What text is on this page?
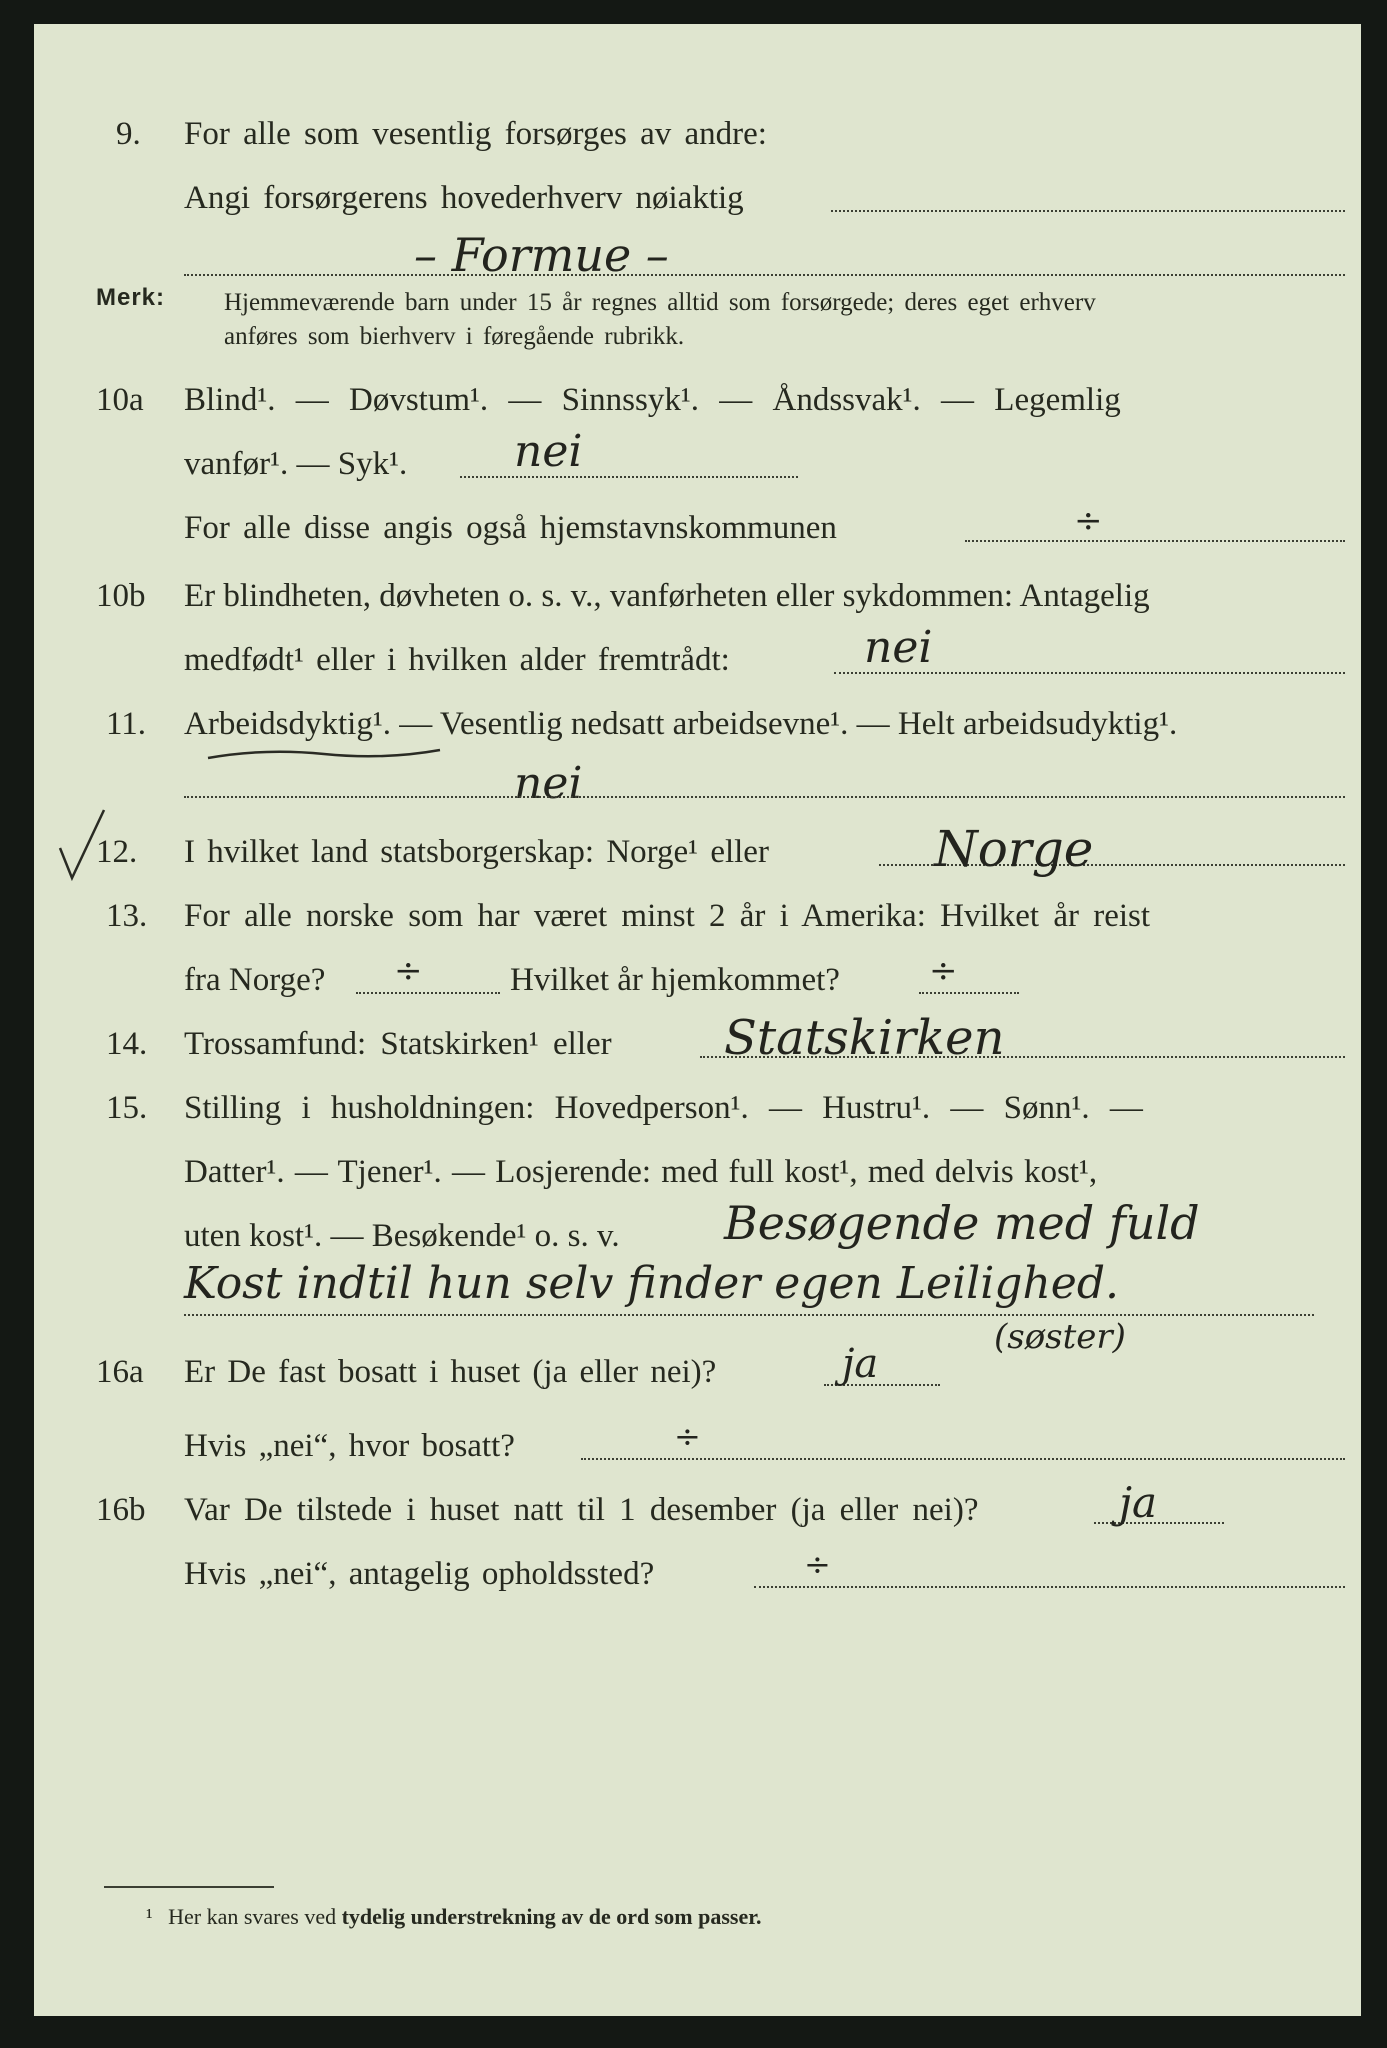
9. For alle som vesentlig forsørges av andre:
Angi forsørgerens hovederhverv nøiaktig
– Formue –
Merk: Hjemmeværende barn under 15 år regnes alltid som forsørgede; deres eget erhverv
anføres som bierhverv i føregående rubrikk.
10a Blind¹. — Døvstum¹. — Sinnssyk¹. — Åndssvak¹. — Legemlig
vanfør¹. — Syk¹. nei
For alle disse angis også hjemstavnskommunen	÷
10b Er blindheten, døvheten o. s. v., vanførheten eller sykdommen: Antagelig
medfødt¹ eller i hvilken alder fremtrådt:	nei
11. Arbeidsdyktig¹. — Vesentlig nedsatt arbeidsevne¹. — Helt arbeidsudyktig¹.
nei
12. I hvilket land statsborgerskap: Norge¹ eller	Norge
13. For alle norske som har været minst 2 år i Amerika: Hvilket år reist
fra Norge? ÷	Hvilket år hjemkommet?	÷
14. Trossamfund: Statskirken¹ eller Statskirken
15. Stilling i husholdningen: Hovedperson¹. — Hustru¹. — Sønn¹. —
Datter¹. — Tjener¹. — Losjerende: med full kost¹, med delvis kost¹,
uten kost¹. — Besøkende¹ o. s. v. Besøgende med fuld
Kost indtil hun selv finder egen Leilighed.
(søster)
16a Er De fast bosatt i huset (ja eller nei)?	ja
Hvis „nei“, hvor bosatt?	÷
16b Var De tilstede i huset natt til 1 desember (ja eller nei)?	ja
Hvis „nei“, antagelig opholdssted?	÷
¹ Her kan svares ved tydelig understrekning av de ord som passer.
